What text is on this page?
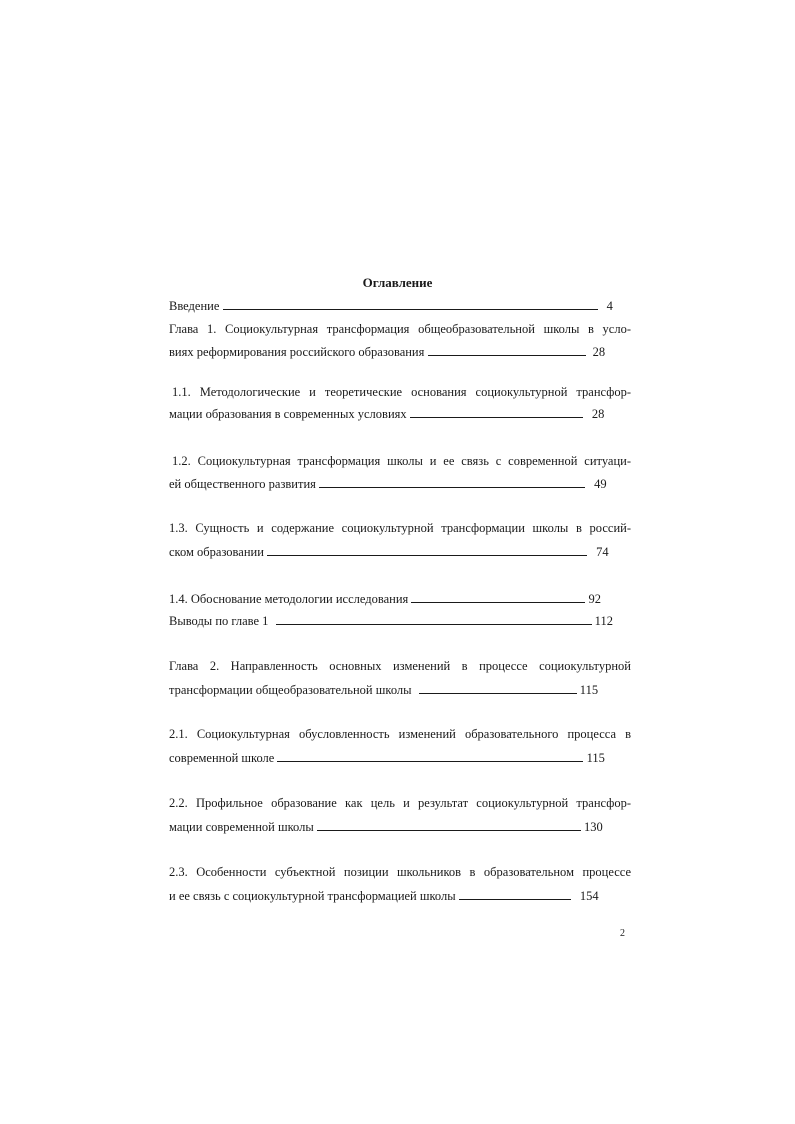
Оглавление
Введение	4
Глава 1. Социокультурная трансформация общеобразовательной школы в усло-
виях реформирования российского образования	28
1.1. Методологические и теоретические основания социокультурной трансфор-
мации образования в современных условиях	28
1.2. Социокультурная трансформация школы и ее связь с современной ситуаци-
ей общественного развития	49
1.3. Сущность и содержание социокультурной трансформации школы в россий-
ском образовании	74
1.4. Обоснование методологии исследования	92
Выводы по главе 1	112
Глава 2. Направленность основных изменений в процессе социокультурной
трансформации общеобразовательной школы	115
2.1. Социокультурная обусловленность изменений образовательного процесса в
современной школе	115
2.2. Профильное образование как цель и результат социокультурной трансфор-
мации современной школы	130
2.3. Особенности субъектной позиции школьников в образовательном процессе
и ее связь с социокультурной трансформацией школы	154
2
